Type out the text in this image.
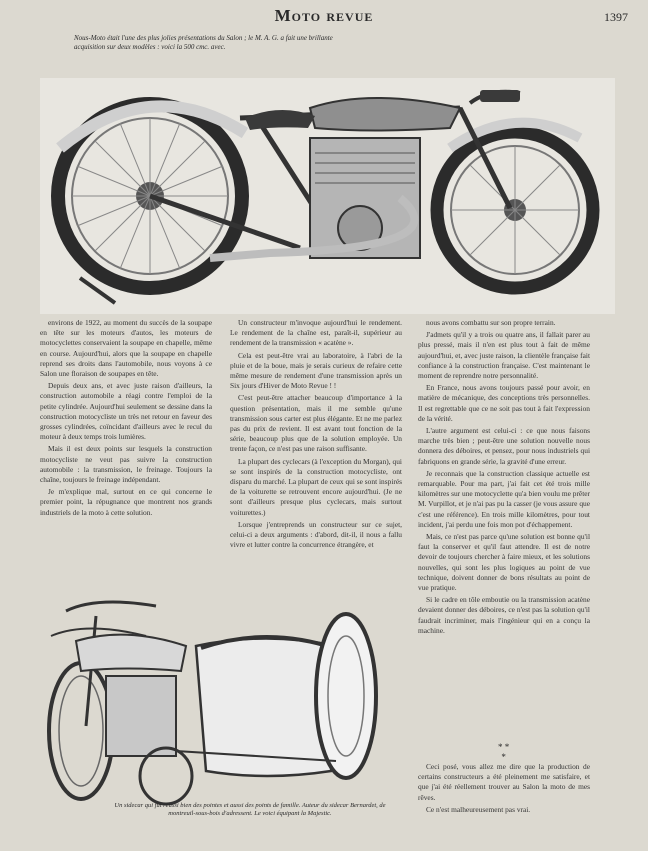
Moto revue	1397
Nous-Moto était l'une des plus jolies présentations du Salon ; le M. A. G. a fait une brillante acquisition sur deux modèles : voici la 500 cmc. avec.

environs de 1922, au moment du succès de la soupape en tête sur les moteurs d'autos, les moteurs de motocyclettes conservaient la soupape en chapelle, même en course. Aujourd'hui, alors que la soupape en chapelle reprend ses droits dans l'automobile, nous voyons à ce Salon une floraison de soupapes en tête.

Depuis deux ans, et avec juste raison d'ailleurs, la construction automobile a réagi contre l'emploi de la petite cylindrée. Aujourd'hui seulement se dessine dans la construction motocycliste un très net retour en faveur des grosses cylindrées, coïncidant d'ailleurs avec le recul du moteur à deux temps trois lumières.

Mais il est deux points sur lesquels la construction motocycliste ne veut pas suivre la construction automobile : la transmission, le freinage. Toujours la chaîne, toujours le freinage indépendant.

Je m'explique mal, surtout en ce qui concerne le premier point, la répugnance que montrent nos grands industriels de la moto à cette solution.

Un constructeur m'invoque aujourd'hui le rendement. Le rendement de la chaîne est, paraît-il, supérieur au rendement de la transmission « acatène ».

Cela est peut-être vrai au laboratoire, à l'abri de la pluie et de la boue, mais je serais curieux de refaire cette même mesure de rendement d'une transmission après un Six jours d'Hiver de Moto Revue ! !

C'est peut-être attacher beaucoup d'importance à la question présentation, mais il me semble qu'une transmission sous carter est plus élégante. Et ne me parlez pas du prix de revient. Il est avant tout fonction de la série, beaucoup plus que de la solution employée. Un trente façon, ce n'est pas une raison suffisante.

La plupart des cyclecars (à l'exception du Morgan), qui se sont inspirés de la construction motocycliste, ont disparu du marché. La plupart de ceux qui se sont inspirés de la voiturette se retrouvent encore aujourd'hui. (Je ne sont d'ailleurs presque plus cyclecars, mais surtout voiturettes.)

Lorsque j'entreprends un constructeur sur ce sujet, celui-ci a deux arguments : d'abord, dit-il, il nous a fallu vivre et lutter contre la concurrence étrangère, et

nous avons combattu sur son propre terrain.

J'admets qu'il y a trois ou quatre ans, il fallait parer au plus pressé, mais il n'en est plus tout à fait de même aujourd'hui, et, avec juste raison, la clientèle française fait confiance à la construction française. C'est maintenant le moment de reprendre notre personnalité.

En France, nous avons toujours passé pour avoir, en matière de mécanique, des conceptions très personnelles. Il est regrettable que ce ne soit pas tout à fait l'expression de la vérité.

L'autre argument est celui-ci : ce que nous faisons marche très bien ; peut-être une solution nouvelle nous donnera des déboires, et pensez, pour nous industriels qui fabriquons en grande série, la gravité d'une erreur.

Je reconnais que la construction classique actuelle est remarquable. Pour ma part, j'ai fait cet été trois mille kilomètres sur une motocyclette qu'a bien voulu me prêter M. Vurpillot, et je n'ai pas pu la casser (je vous assure que c'est une référence). En trois mille kilomètres, pour tout incident, j'ai perdu une fois mon pot d'échappement.

Mais, ce n'est pas parce qu'une solution est bonne qu'il faut la conserver et qu'il faut attendre. Il est de notre devoir de toujours chercher à faire mieux, et les solutions nouvelles, qui sont les plus logiques au point de vue technique, doivent donner de bons résultats au point de vue pratique.

Si le cadre en tôle emboutie ou la transmission acatène devaient donner des déboires, ce n'est pas la solution qu'il faudrait incriminer, mais l'ingénieur qui en a conçu la machine.

Un sidecar qui fût réussi bien des pointes et aussi des points de famille. Auteur du sidecar Bernardet, de montreuil-sous-bois d'adressent. Le voici équipant la Majestic.
* *
*

Ceci posé, vous allez me dire que la production de certains constructeurs a été pleinement me satisfaire, et que j'ai été réellement trouver au Salon la moto de mes rêves.

Ce n'est malheureusement pas vrai.
